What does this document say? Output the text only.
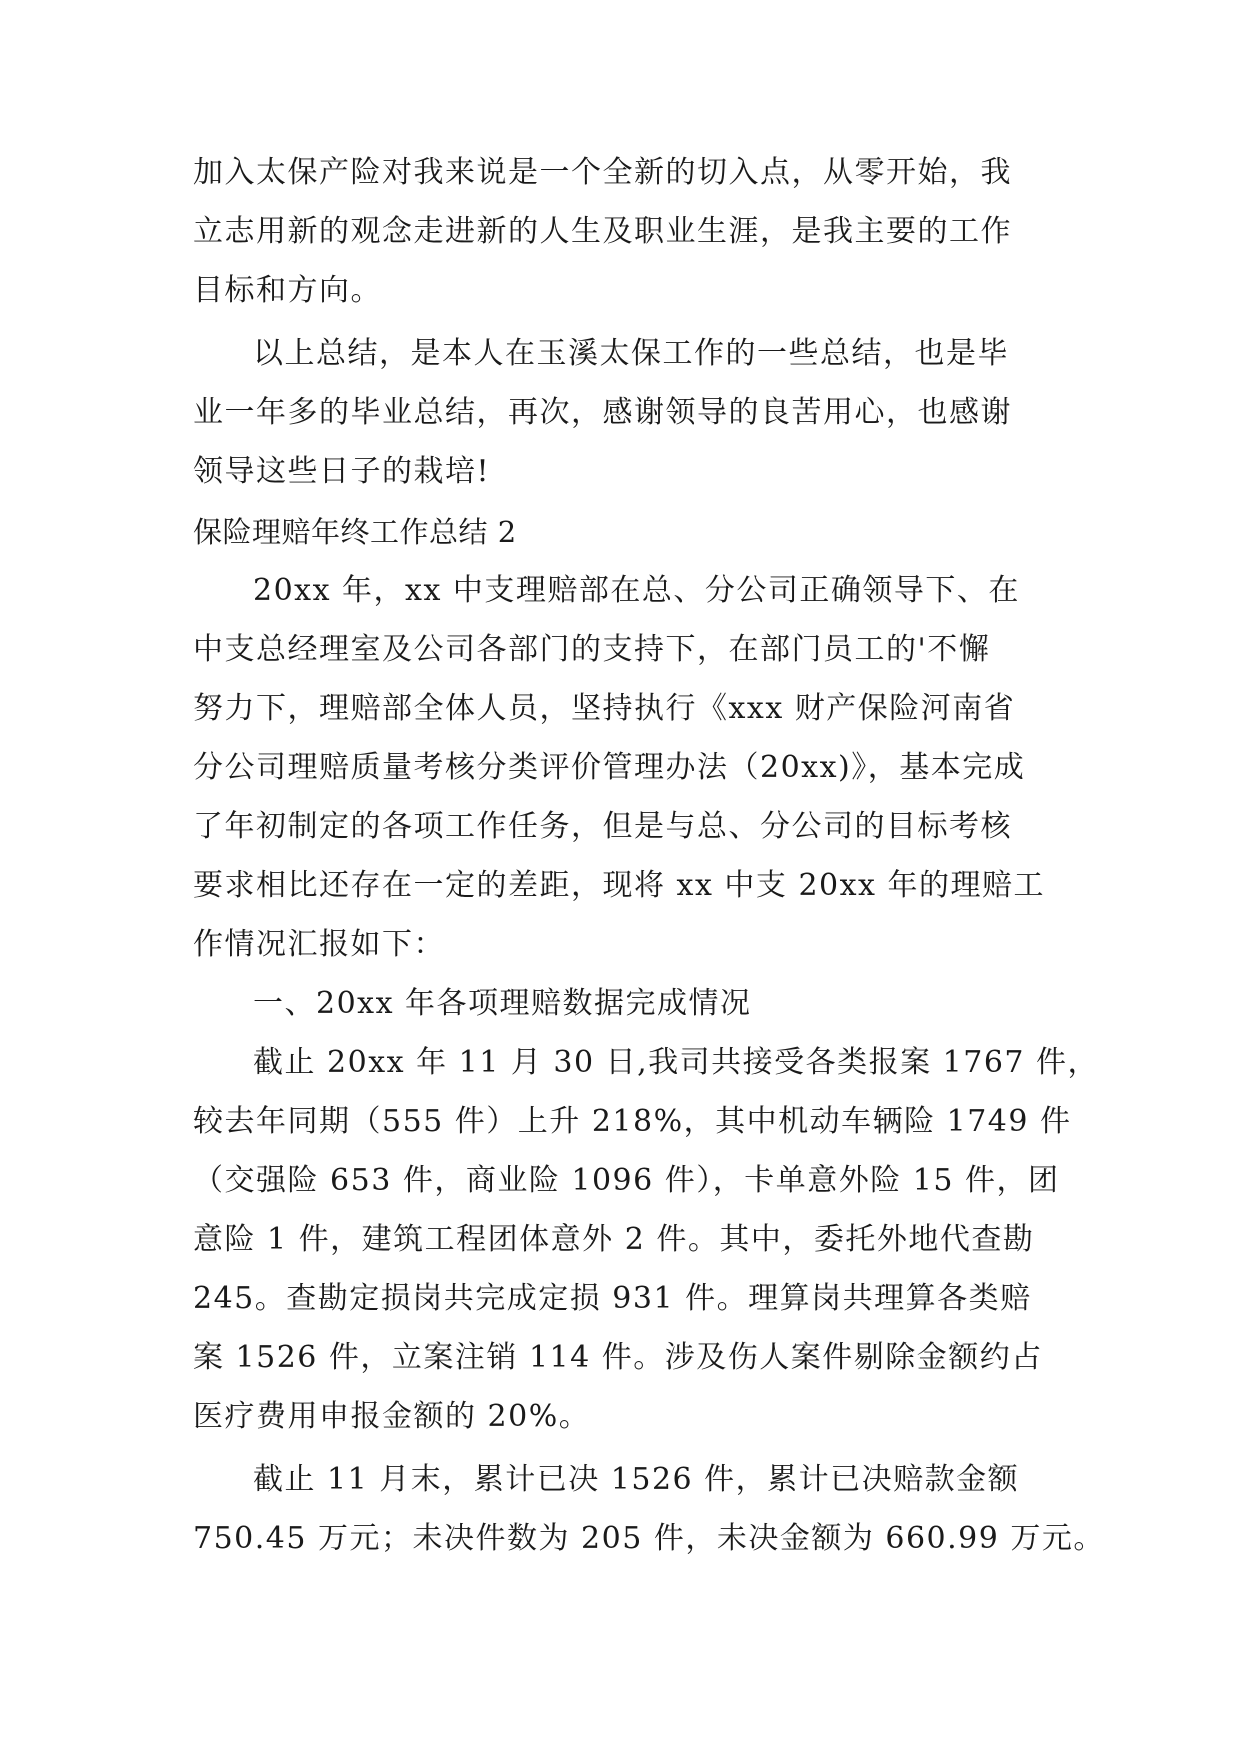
加入太保产险对我来说是一个全新的切入点，从零开始，我
立志用新的观念走进新的人生及职业生涯，是我主要的工作
目标和方向。
以上总结，是本人在玉溪太保工作的一些总结，也是毕
业一年多的毕业总结，再次，感谢领导的良苦用心，也感谢
领导这些日子的栽培!
保险理赔年终工作总结 2
20xx 年，xx 中支理赔部在总、分公司正确领导下、在
中支总经理室及公司各部门的支持下，在部门员工的'不懈
努力下，理赔部全体人员，坚持执行《xxx 财产保险河南省
分公司理赔质量考核分类评价管理办法（20xx)》，基本完成
了年初制定的各项工作任务，但是与总、分公司的目标考核
要求相比还存在一定的差距，现将 xx 中支 20xx 年的理赔工
作情况汇报如下：
一、20xx 年各项理赔数据完成情况
截止 20xx 年 11 月 30 日,我司共接受各类报案 1767 件，
较去年同期（555 件）上升 218%，其中机动车辆险 1749 件
（交强险 653 件，商业险 1096 件），卡单意外险 15 件，团
意险 1 件，建筑工程团体意外 2 件。其中，委托外地代查勘
245。查勘定损岗共完成定损 931 件。理算岗共理算各类赔
案 1526 件，立案注销 114 件。涉及伤人案件剔除金额约占
医疗费用申报金额的 20%。
截止 11 月末，累计已决 1526 件，累计已决赔款金额
750.45 万元；未决件数为 205 件，未决金额为 660.99 万元。
